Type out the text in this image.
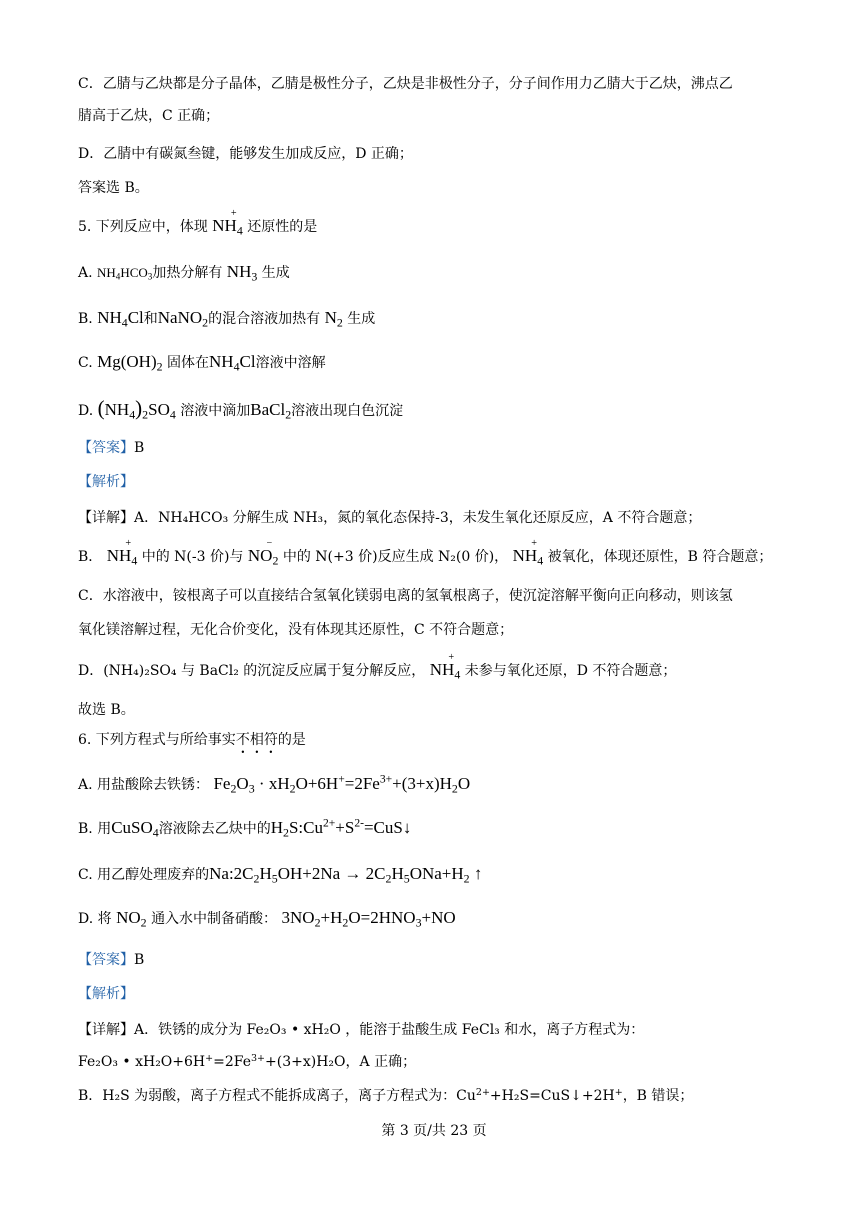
C．乙腈与乙炔都是分子晶体，乙腈是极性分子，乙炔是非极性分子，分子间作用力乙腈大于乙炔，沸点乙
腈高于乙炔，C 正确；
D．乙腈中有碳氮叁键，能够发生加成反应，D 正确；
答案选 B。
5. 下列反应中，体现 $NH_4$
+
还原性的是
A. $NH_4HCO_3$加热分解有 $NH_3$ 生成
B. $NH_4Cl$和NaNO$_2$的混合溶液加热有 $N_2$ 生成
C. $Mg(OH)_2$ 固体在$NH_4Cl$溶液中溶解
D. $(NH_4)_2SO_4$ 溶液中滴加BaCl$_2$溶液出现白色沉淀
【答案】B
【解析】
【详解】A．NH₄HCO₃ 分解生成 NH₃，氮的氧化态保持-3，未发生氧化还原反应，A 不符合题意；
B． $NH_4$
+
中的 N(-3 价)与 $NO_2$
−
中的 N(+3 价)反应生成 N₂(0 价)， $NH_4$
+
被氧化，体现还原性，B 符合题意；
C．水溶液中，铵根离子可以直接结合氢氧化镁弱电离的氢氧根离子，使沉淀溶解平衡向正向移动，则该氢
氧化镁溶解过程，无化合价变化，没有体现其还原性，C 不符合题意；
D．(NH₄)₂SO₄ 与 BaCl₂ 的沉淀反应属于复分解反应， $NH_4$
+
未参与氧化还原，D 不符合题意；
故选 B。
6. 下列方程式与所给事实不相符的是
A. 用盐酸除去铁锈： $Fe_2O_3 \cdot xH_2O+6H^+=2Fe^{3+}+(3+x)H_2O$
B. 用CuSO$_4$溶液除去乙炔中的$H_2S:Cu^{2+}+S^{2-}=CuS↓$
C. 用乙醇处理废弃的$Na:2C_2H_5OH+2Na \to 2C_2H_5ONa+H_2$ ↑
D. 将 $NO_2$ 通入水中制备硝酸： $3NO_2+H_2O=2HNO_3+NO$
【答案】B
【解析】
【详解】A．铁锈的成分为 Fe₂O₃ • xH₂O ，能溶于盐酸生成 FeCl₃ 和水，离子方程式为：
Fe₂O₃ • $xH_2O+6H^+=2Fe^{3+}+(3+x)H_2O$，A 正确；
B．H₂S 为弱酸，离子方程式不能拆成离子，离子方程式为：$Cu^{2+}+H_2S=CuS↓+2H^+$，B 错误；
第 3 页/共 23 页
